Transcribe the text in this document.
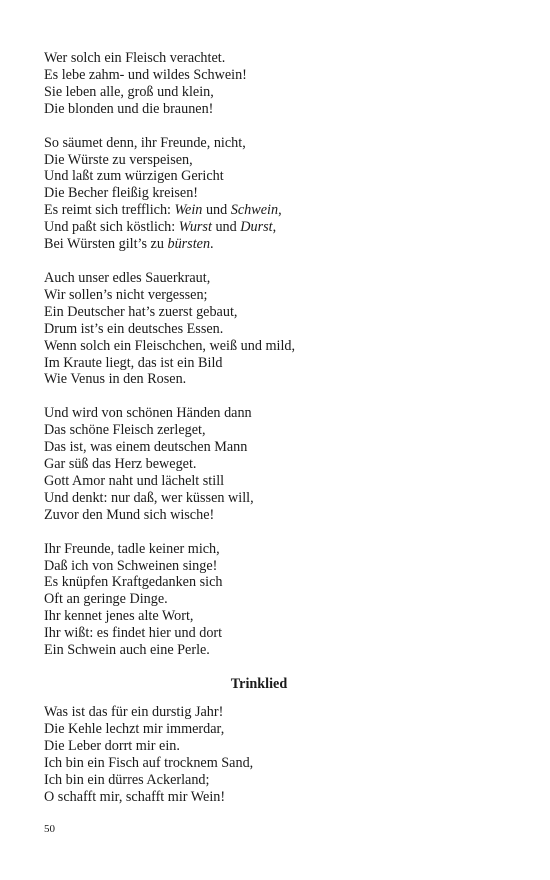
Wer solch ein Fleisch verachtet.
Es lebe zahm- und wildes Schwein!
Sie leben alle, groß und klein,
Die blonden und die braunen!
So säumet denn, ihr Freunde, nicht,
Die Würste zu verspeisen,
Und laßt zum würzigen Gericht
Die Becher fleißig kreisen!
Es reimt sich trefflich: Wein und Schwein,
Und paßt sich köstlich: Wurst und Durst,
Bei Würsten gilt’s zu bürsten.
Auch unser edles Sauerkraut,
Wir sollen’s nicht vergessen;
Ein Deutscher hat’s zuerst gebaut,
Drum ist’s ein deutsches Essen.
Wenn solch ein Fleischchen, weiß und mild,
Im Kraute liegt, das ist ein Bild
Wie Venus in den Rosen.
Und wird von schönen Händen dann
Das schöne Fleisch zerleget,
Das ist, was einem deutschen Mann
Gar süß das Herz beweget.
Gott Amor naht und lächelt still
Und denkt: nur daß, wer küssen will,
Zuvor den Mund sich wische!
Ihr Freunde, tadle keiner mich,
Daß ich von Schweinen singe!
Es knüpfen Kraftgedanken sich
Oft an geringe Dinge.
Ihr kennet jenes alte Wort,
Ihr wißt: es findet hier und dort
Ein Schwein auch eine Perle.
Trinklied
Was ist das für ein durstig Jahr!
Die Kehle lechzt mir immerdar,
Die Leber dorrt mir ein.
Ich bin ein Fisch auf trocknem Sand,
Ich bin ein dürres Ackerland;
O schafft mir, schafft mir Wein!
50
